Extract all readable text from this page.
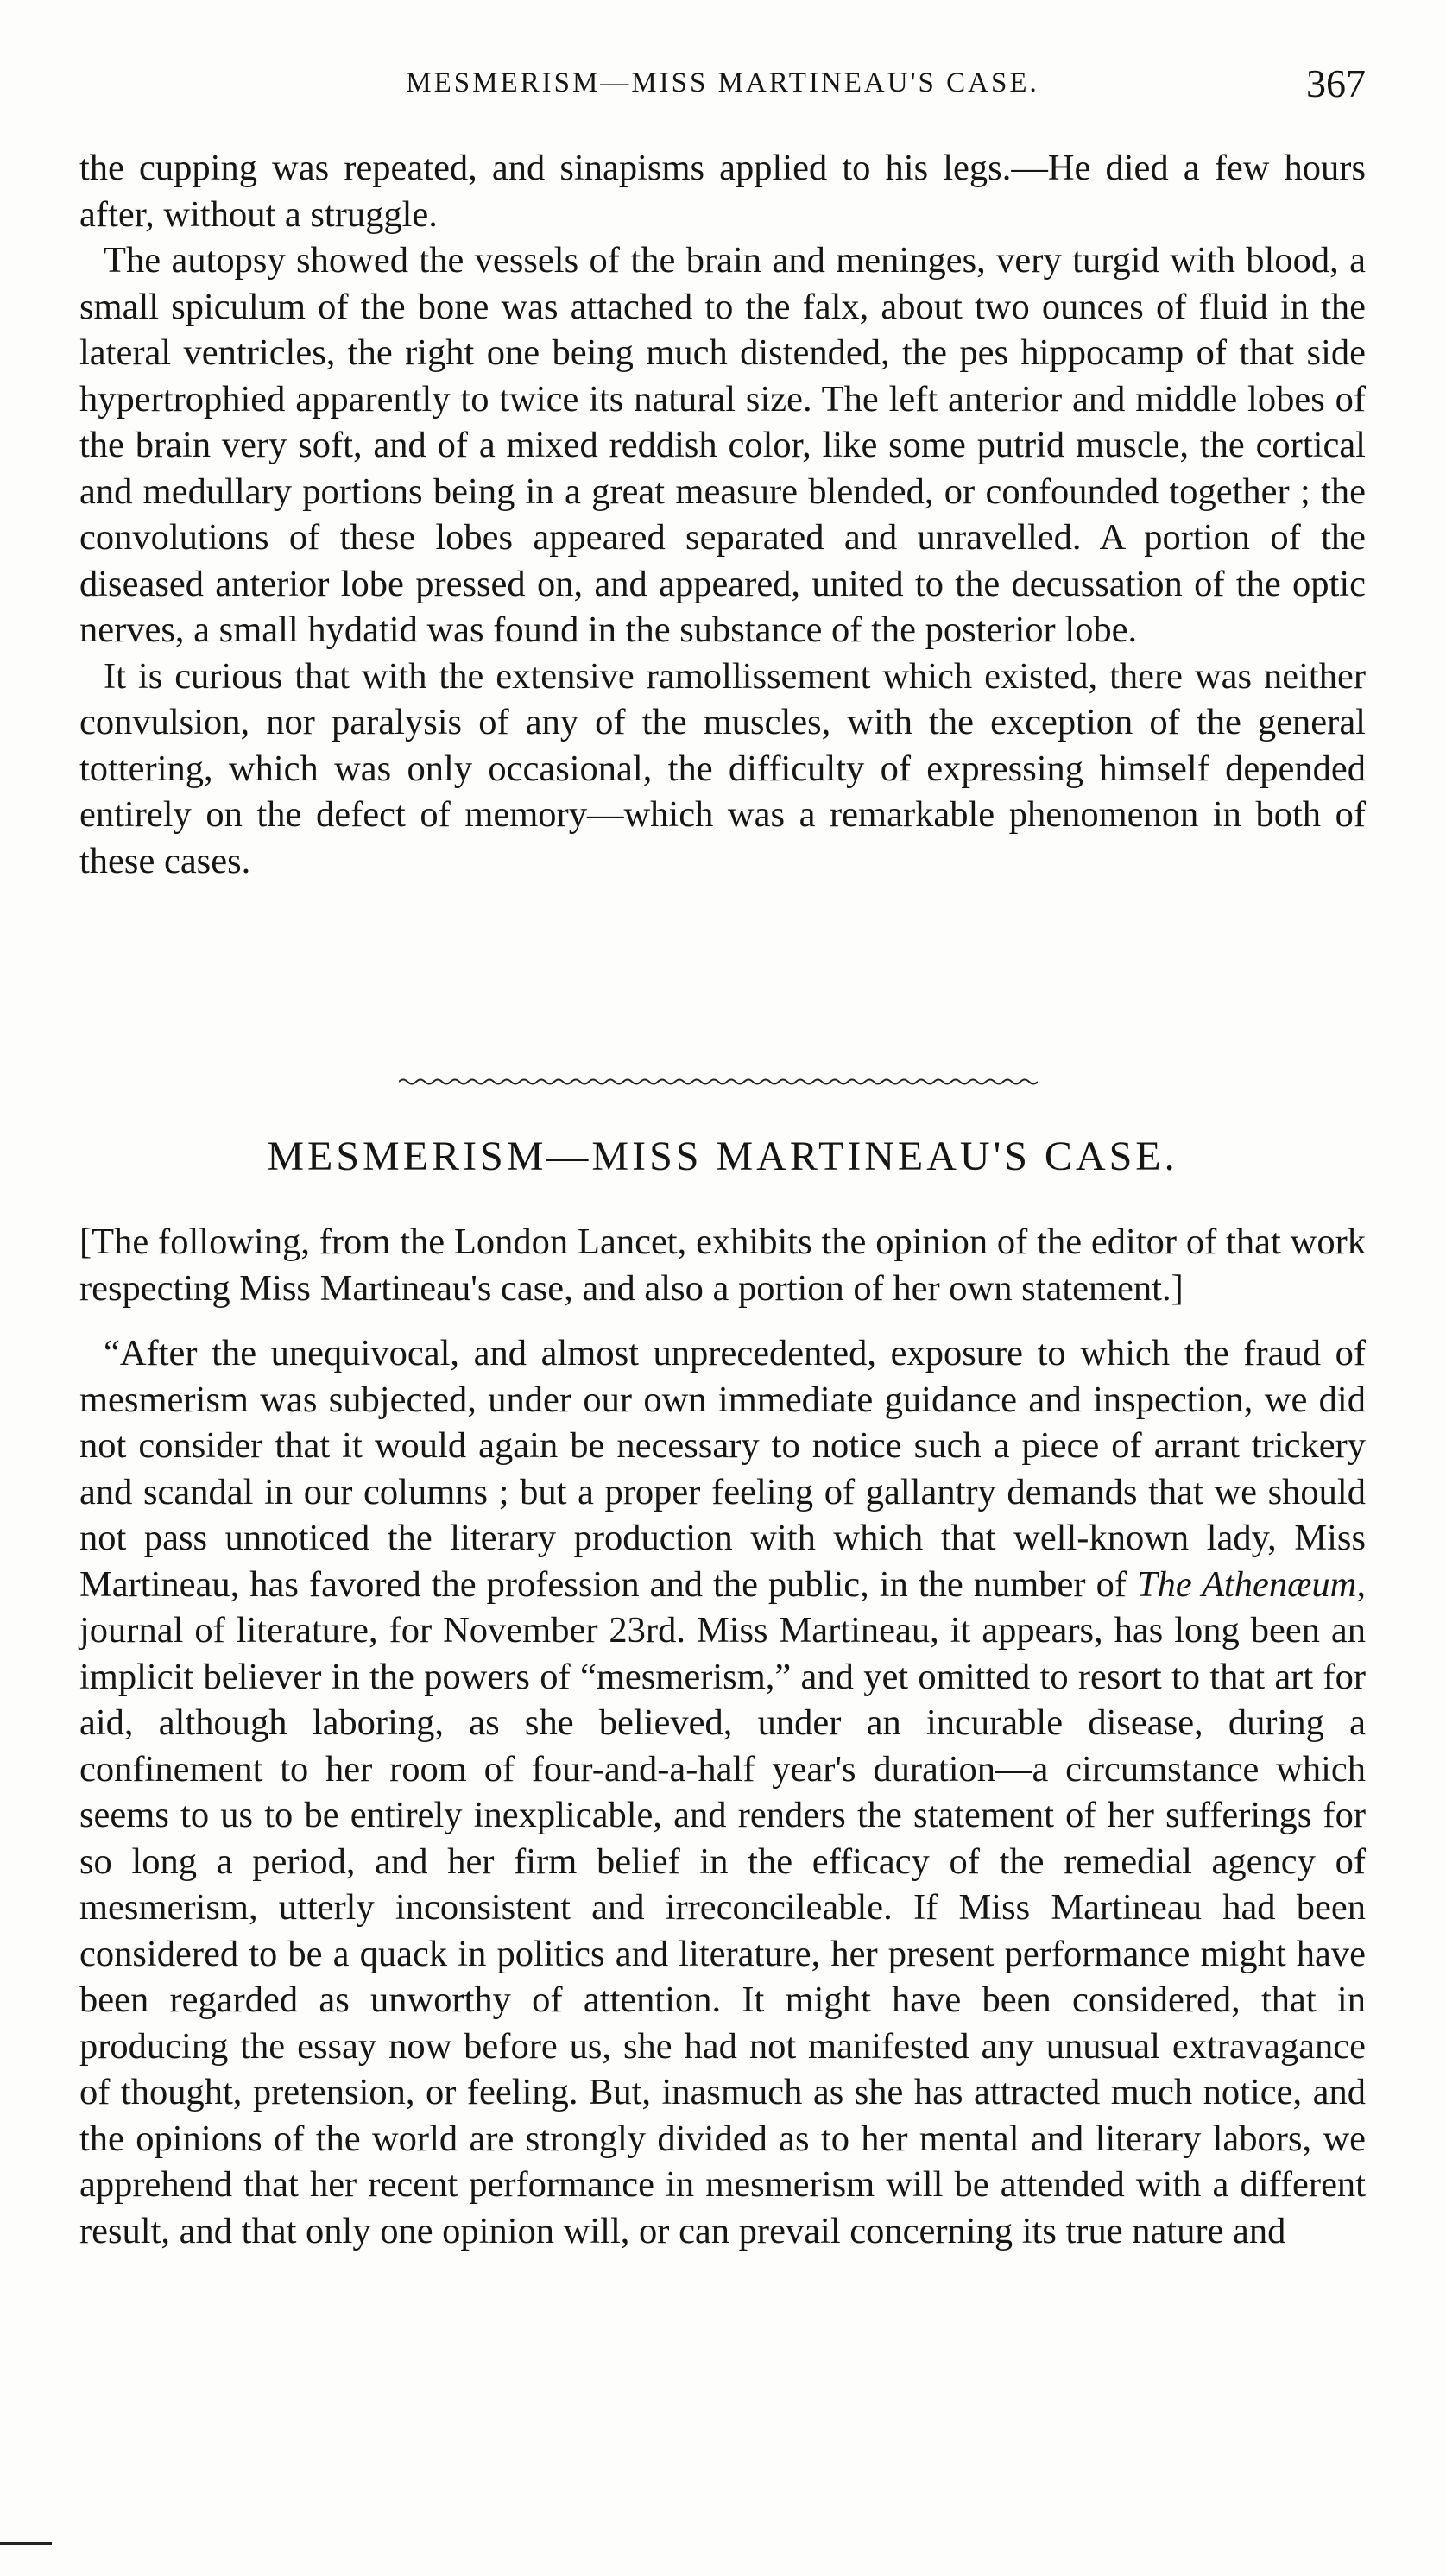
MESMERISM—MISS MARTINEAU'S CASE.	367

the cupping was repeated, and sinapisms applied to his legs.—He died a few hours after, without a struggle.

The autopsy showed the vessels of the brain and meninges, very turgid with blood, a small spiculum of the bone was attached to the falx, about two ounces of fluid in the lateral ventricles, the right one being much distended, the pes hippocamp of that side hypertrophied apparently to twice its natural size. The left anterior and middle lobes of the brain very soft, and of a mixed reddish color, like some putrid muscle, the cortical and medullary portions being in a great measure blended, or confounded together ; the convolutions of these lobes appeared separated and unravelled. A portion of the diseased anterior lobe pressed on, and appeared, united to the decussation of the optic nerves, a small hydatid was found in the substance of the posterior lobe.

It is curious that with the extensive ramollissement which existed, there was neither convulsion, nor paralysis of any of the muscles, with the exception of the general tottering, which was only occasional, the difficulty of expressing himself depended entirely on the defect of memory—which was a remarkable phenomenon in both of these cases.

MESMERISM—MISS MARTINEAU'S CASE.

[The following, from the London Lancet, exhibits the opinion of the editor of that work respecting Miss Martineau's case, and also a portion of her own statement.]

“After the unequivocal, and almost unprecedented, exposure to which the fraud of mesmerism was subjected, under our own immediate guidance and inspection, we did not consider that it would again be necessary to notice such a piece of arrant trickery and scandal in our columns ; but a proper feeling of gallantry demands that we should not pass unnoticed the literary production with which that well-known lady, Miss Martineau, has favored the profession and the public, in the number of The Athenæum, journal of literature, for November 23rd. Miss Martineau, it appears, has long been an implicit believer in the powers of “mesmerism,” and yet omitted to resort to that art for aid, although laboring, as she believed, under an incurable disease, during a confinement to her room of four-and-a-half year's duration—a circumstance which seems to us to be entirely inexplicable, and renders the statement of her sufferings for so long a period, and her firm belief in the efficacy of the remedial agency of mesmerism, utterly inconsistent and irreconcileable. If Miss Martineau had been considered to be a quack in politics and literature, her present performance might have been regarded as unworthy of attention. It might have been considered, that in producing the essay now before us, she had not manifested any unusual extravagance of thought, pretension, or feeling. But, inasmuch as she has attracted much notice, and the opinions of the world are strongly divided as to her mental and literary labors, we apprehend that her recent performance in mesmerism will be attended with a different result, and that only one opinion will, or can prevail concerning its true nature and
